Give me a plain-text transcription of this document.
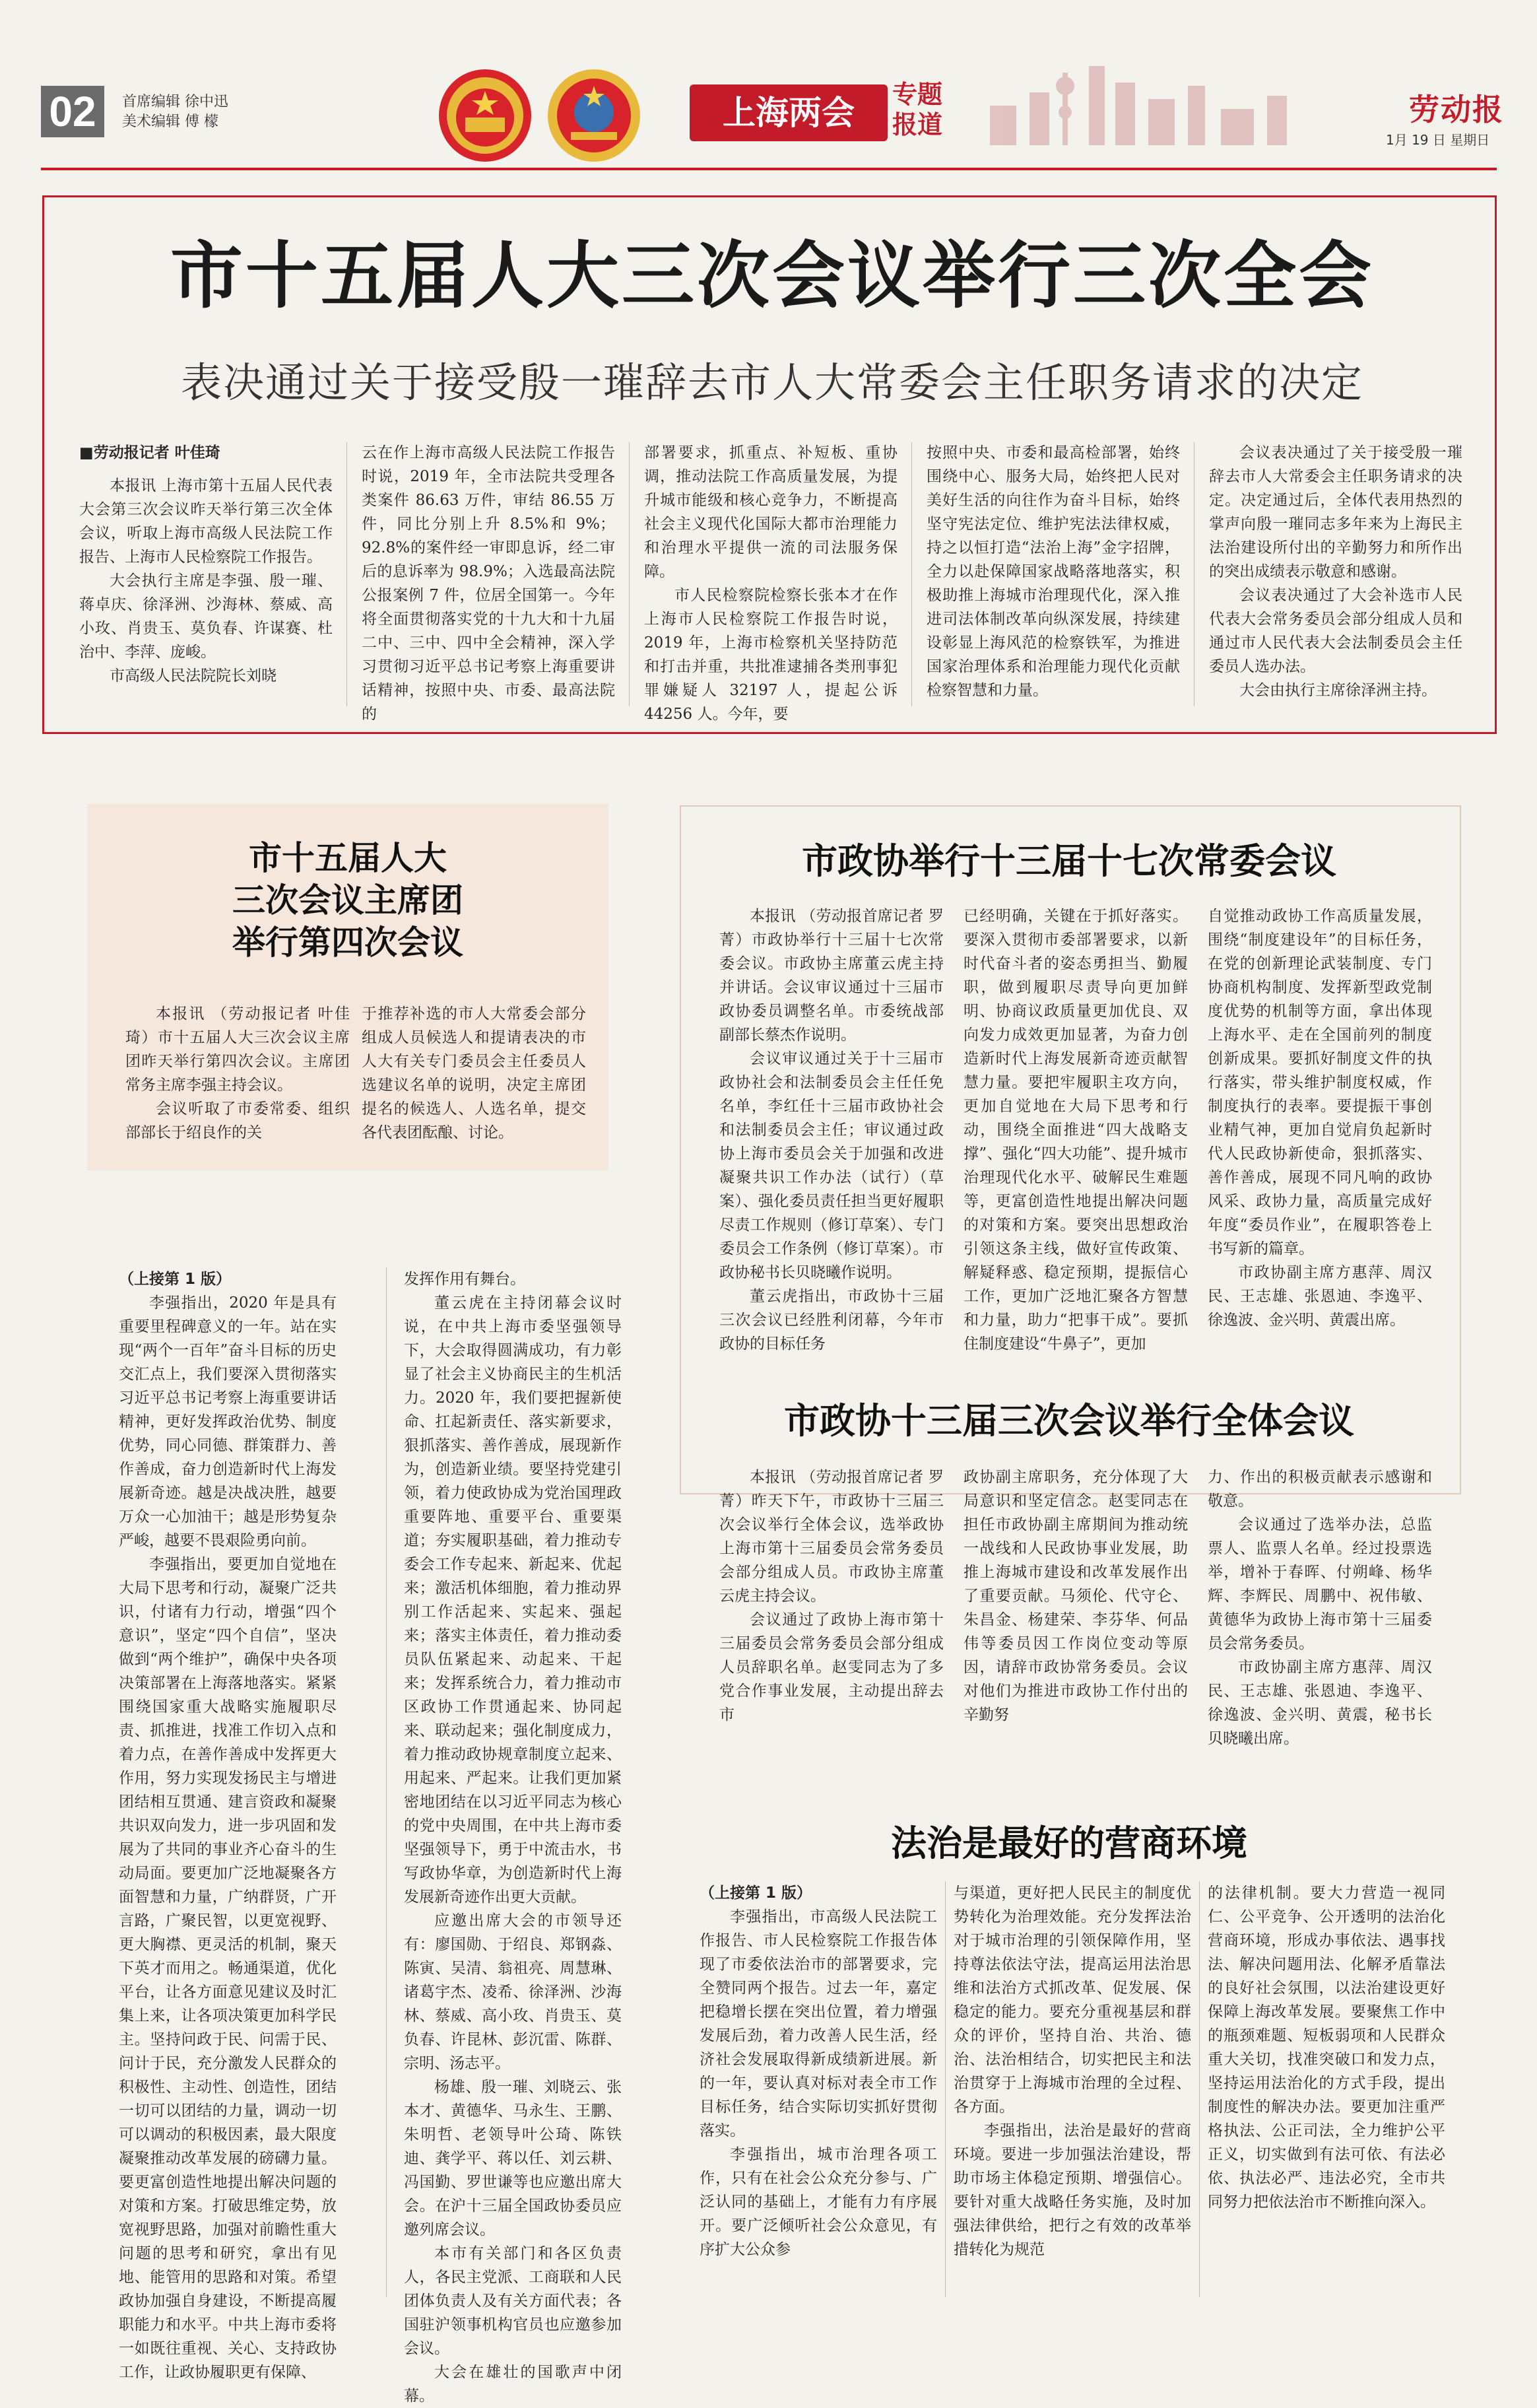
02	首席编辑 徐中迅
美术编辑 傅 檬	上海两会	专题
报道	劳动报
1月 19 日 星期日
市十五届人大三次会议举行三次全会
表决通过关于接受殷一璀辞去市人大常委会主任职务请求的决定
■劳动报记者 叶佳琦

本报讯 上海市第十五届人民代表大会第三次会议昨天举行第三次全体会议，听取上海市高级人民法院工作报告、上海市人民检察院工作报告。

大会执行主席是李强、殷一璀、蒋卓庆、徐泽洲、沙海林、蔡威、高小玫、肖贵玉、莫负春、许谋赛、杜治中、李萍、庞峻。

市高级人民法院院长刘晓

云在作上海市高级人民法院工作报告时说，2019 年，全市法院共受理各类案件 86.63 万件，审结 86.55 万件，同比分别上升 8.5%和 9%；92.8%的案件经一审即息诉，经二审后的息诉率为 98.9%；入选最高法院公报案例 7 件，位居全国第一。今年将全面贯彻落实党的十九大和十九届二中、三中、四中全会精神，深入学习贯彻习近平总书记考察上海重要讲话精神，按照中央、市委、最高法院的

部署要求，抓重点、补短板、重协调，推动法院工作高质量发展，为提升城市能级和核心竞争力，不断提高社会主义现代化国际大都市治理能力和治理水平提供一流的司法服务保障。

市人民检察院检察长张本才在作上海市人民检察院工作报告时说，2019 年，上海市检察机关坚持防范和打击并重，共批准逮捕各类刑事犯罪嫌疑人 32197 人，提起公诉 44256 人。今年，要

按照中央、市委和最高检部署，始终围绕中心、服务大局，始终把人民对美好生活的向往作为奋斗目标，始终坚守宪法定位、维护宪法法律权威，持之以恒打造“法治上海”金字招牌，全力以赴保障国家战略落地落实，积极助推上海城市治理现代化，深入推进司法体制改革向纵深发展，持续建设彰显上海风范的检察铁军，为推进国家治理体系和治理能力现代化贡献检察智慧和力量。

会议表决通过了关于接受殷一璀辞去市人大常委会主任职务请求的决定。决定通过后，全体代表用热烈的掌声向殷一璀同志多年来为上海民主法治建设所付出的辛勤努力和所作出的突出成绩表示敬意和感谢。

会议表决通过了大会补选市人民代表大会常务委员会部分组成人员和通过市人民代表大会法制委员会主任委员人选办法。

大会由执行主席徐泽洲主持。

市十五届人大
三次会议主席团
举行第四次会议

本报讯 （劳动报记者 叶佳琦）市十五届人大三次会议主席团昨天举行第四次会议。主席团常务主席李强主持会议。

会议听取了市委常委、组织部部长于绍良作的关

于推荐补选的市人大常委会部分组成人员候选人和提请表决的市人大有关专门委员会主任委员人选建议名单的说明，决定主席团提名的候选人、人选名单，提交各代表团酝酿、讨论。

（上接第 1 版）

李强指出，2020 年是具有重要里程碑意义的一年。站在实现“两个一百年”奋斗目标的历史交汇点上，我们要深入贯彻落实习近平总书记考察上海重要讲话精神，更好发挥政治优势、制度优势，同心同德、群策群力、善作善成，奋力创造新时代上海发展新奇迹。越是决战决胜，越要万众一心加油干；越是形势复杂严峻，越要不畏艰险勇向前。

李强指出，要更加自觉地在大局下思考和行动，凝聚广泛共识，付诸有力行动，增强“四个意识”，坚定“四个自信”，坚决做到“两个维护”，确保中央各项决策部署在上海落地落实。紧紧围绕国家重大战略实施履职尽责、抓推进，找准工作切入点和着力点，在善作善成中发挥更大作用，努力实现发扬民主与增进团结相互贯通、建言资政和凝聚共识双向发力，进一步巩固和发展为了共同的事业齐心奋斗的生动局面。要更加广泛地凝聚各方面智慧和力量，广纳群贤，广开言路，广聚民智，以更宽视野、更大胸襟、更灵活的机制，聚天下英才而用之。畅通渠道，优化平台，让各方面意见建议及时汇集上来，让各项决策更加科学民主。坚持问政于民、问需于民、问计于民，充分激发人民群众的积极性、主动性、创造性，团结一切可以团结的力量，调动一切可以调动的积极因素，最大限度凝聚推动改革发展的磅礴力量。要更富创造性地提出解决问题的对策和方案。打破思维定势，放宽视野思路，加强对前瞻性重大问题的思考和研究，拿出有见地、能管用的思路和对策。希望政协加强自身建设，不断提高履职能力和水平。中共上海市委将一如既往重视、关心、支持政协工作，让政协履职更有保障、

发挥作用有舞台。

董云虎在主持闭幕会议时说，在中共上海市委坚强领导下，大会取得圆满成功，有力彰显了社会主义协商民主的生机活力。2020 年，我们要把握新使命、扛起新责任、落实新要求，狠抓落实、善作善成，展现新作为，创造新业绩。要坚持党建引领，着力使政协成为党治国理政重要阵地、重要平台、重要渠道；夯实履职基础，着力推动专委会工作专起来、新起来、优起来；激活机体细胞，着力推动界别工作活起来、实起来、强起来；落实主体责任，着力推动委员队伍紧起来、动起来、干起来；发挥系统合力，着力推动市区政协工作贯通起来、协同起来、联动起来；强化制度成力，着力推动政协规章制度立起来、用起来、严起来。让我们更加紧密地团结在以习近平同志为核心的党中央周围，在中共上海市委坚强领导下，勇于中流击水，书写政协华章，为创造新时代上海发展新奇迹作出更大贡献。

应邀出席大会的市领导还有：廖国勋、于绍良、郑钢淼、陈寅、吴清、翁祖亮、周慧琳、诸葛宇杰、凌希、徐泽洲、沙海林、蔡威、高小玫、肖贵玉、莫负春、许昆林、彭沉雷、陈群、宗明、汤志平。

杨雄、殷一璀、刘晓云、张本才、黄德华、马永生、王鹏、朱明哲、老领导叶公琦、陈铁迪、龚学平、蒋以任、刘云耕、冯国勤、罗世谦等也应邀出席大会。在沪十三届全国政协委员应邀列席会议。

本市有关部门和各区负责人，各民主党派、工商联和人民团体负责人及有关方面代表；各国驻沪领事机构官员也应邀参加会议。

大会在雄壮的国歌声中闭幕。

市政协举行十三届十七次常委会议

本报讯 （劳动报首席记者 罗菁）市政协举行十三届十七次常委会议。市政协主席董云虎主持并讲话。会议审议通过十三届市政协委员调整名单。市委统战部副部长蔡杰作说明。

会议审议通过关于十三届市政协社会和法制委员会主任任免名单，李红任十三届市政协社会和法制委员会主任；审议通过政协上海市委员会关于加强和改进凝聚共识工作办法（试行）（草案）、强化委员责任担当更好履职尽责工作规则（修订草案）、专门委员会工作条例（修订草案）。市政协秘书长贝晓曦作说明。

董云虎指出，市政协十三届三次会议已经胜利闭幕，今年市政协的目标任务

已经明确，关键在于抓好落实。要深入贯彻市委部署要求，以新时代奋斗者的姿态勇担当、勤履职，做到履职尽责导向更加鲜明、协商议政质量更加优良、双向发力成效更加显著，为奋力创造新时代上海发展新奇迹贡献智慧力量。要把牢履职主攻方向，更加自觉地在大局下思考和行动，围绕全面推进“四大战略支撑”、强化“四大功能”、提升城市治理现代化水平、破解民生难题等，更富创造性地提出解决问题的对策和方案。要突出思想政治引领这条主线，做好宣传政策、解疑释惑、稳定预期，提振信心工作，更加广泛地汇聚各方智慧和力量，助力“把事干成”。要抓住制度建设“牛鼻子”，更加

自觉推动政协工作高质量发展，围绕“制度建设年”的目标任务，在党的创新理论武装制度、专门协商机构制度、发挥新型政党制度优势的机制等方面，拿出体现上海水平、走在全国前列的制度创新成果。要抓好制度文件的执行落实，带头维护制度权威，作制度执行的表率。要提振干事创业精气神，更加自觉肩负起新时代人民政协新使命，狠抓落实、善作善成，展现不同凡响的政协风采、政协力量，高质量完成好年度“委员作业”，在履职答卷上书写新的篇章。

市政协副主席方惠萍、周汉民、王志雄、张恩迪、李逸平、徐逸波、金兴明、黄震出席。

市政协十三届三次会议举行全体会议

本报讯 （劳动报首席记者 罗菁）昨天下午，市政协十三届三次会议举行全体会议，选举政协上海市第十三届委员会常务委员会部分组成人员。市政协主席董云虎主持会议。

会议通过了政协上海市第十三届委员会常务委员会部分组成人员辞职名单。赵雯同志为了多党合作事业发展，主动提出辞去市

政协副主席职务，充分体现了大局意识和坚定信念。赵雯同志在担任市政协副主席期间为推动统一战线和人民政协事业发展，助推上海城市建设和改革发展作出了重要贡献。马须伦、代守仑、朱昌金、杨建荣、李芬华、何品伟等委员因工作岗位变动等原因，请辞市政协常务委员。会议对他们为推进市政协工作付出的辛勤努

力、作出的积极贡献表示感谢和敬意。

会议通过了选举办法，总监票人、监票人名单。经过投票选举，增补于春晖、付朔峰、杨华辉、李辉民、周鹏中、祝伟敏、黄德华为政协上海市第十三届委员会常务委员。

市政协副主席方惠萍、周汉民、王志雄、张恩迪、李逸平、徐逸波、金兴明、黄震，秘书长贝晓曦出席。

法治是最好的营商环境
（上接第 1 版）

李强指出，市高级人民法院工作报告、市人民检察院工作报告体现了市委依法治市的部署要求，完全赞同两个报告。过去一年，嘉定把稳增长摆在突出位置，着力增强发展后劲，着力改善人民生活，经济社会发展取得新成绩新进展。新的一年，要认真对标对表全市工作目标任务，结合实际切实抓好贯彻落实。

李强指出，城市治理各项工作，只有在社会公众充分参与、广泛认同的基础上，才能有力有序展开。要广泛倾听社会公众意见，有序扩大公众参

与渠道，更好把人民民主的制度优势转化为治理效能。充分发挥法治对于城市治理的引领保障作用，坚持尊法依法守法，提高运用法治思维和法治方式抓改革、促发展、保稳定的能力。要充分重视基层和群众的评价，坚持自治、共治、德治、法治相结合，切实把民主和法治贯穿于上海城市治理的全过程、各方面。

李强指出，法治是最好的营商环境。要进一步加强法治建设，帮助市场主体稳定预期、增强信心。要针对重大战略任务实施，及时加强法律供给，把行之有效的改革举措转化为规范

的法律机制。要大力营造一视同仁、公平竞争、公开透明的法治化营商环境，形成办事依法、遇事找法、解决问题用法、化解矛盾靠法的良好社会氛围，以法治建设更好保障上海改革发展。要聚焦工作中的瓶颈难题、短板弱项和人民群众重大关切，找准突破口和发力点，坚持运用法治化的方式手段，提出制度性的解决办法。要更加注重严格执法、公正司法，全力维护公平正义，切实做到有法可依、有法必依、执法必严、违法必究，全市共同努力把依法治市不断推向深入。
